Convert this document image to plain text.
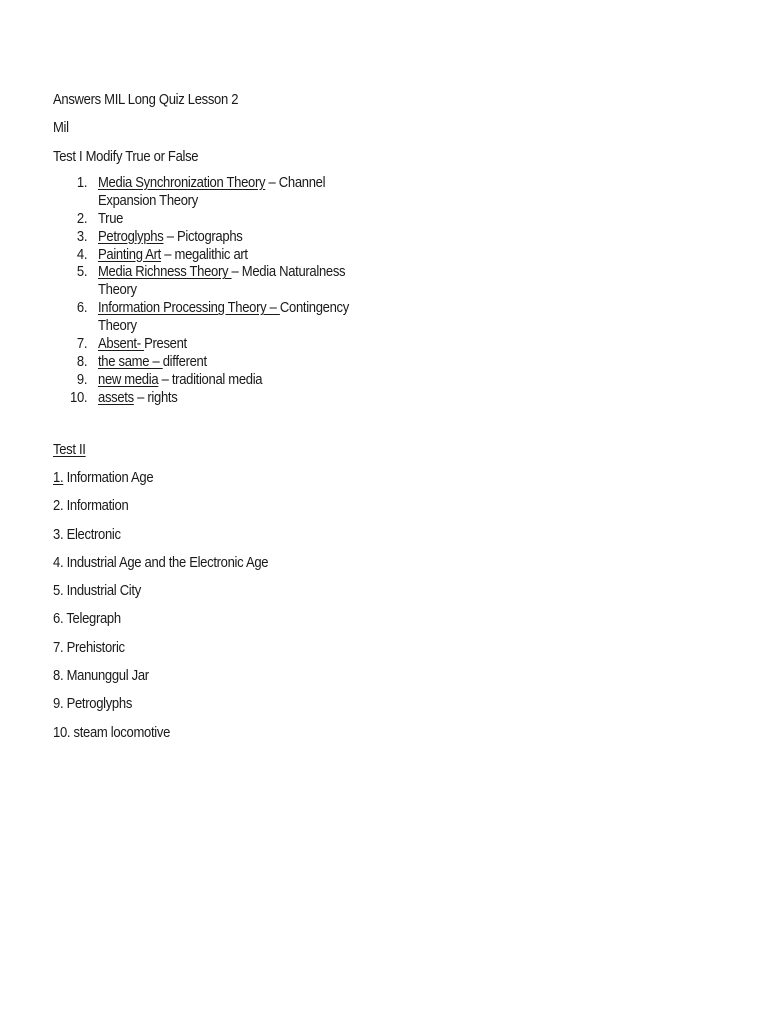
Answers MIL Long Quiz Lesson 2
Mil
Test I Modify True or False
1. Media Synchronization Theory – Channel Expansion Theory
2. True
3. Petroglyphs – Pictographs
4. Painting Art – megalithic art
5. Media Richness Theory – Media Naturalness Theory
6. Information Processing Theory – Contingency Theory
7. Absent- Present
8. the same – different
9. new media – traditional media
10. assets – rights
Test II
1. Information Age
2. Information
3. Electronic
4. Industrial Age and the Electronic Age
5. Industrial City
6. Telegraph
7. Prehistoric
8. Manunggul Jar
9. Petroglyphs
10. steam locomotive
